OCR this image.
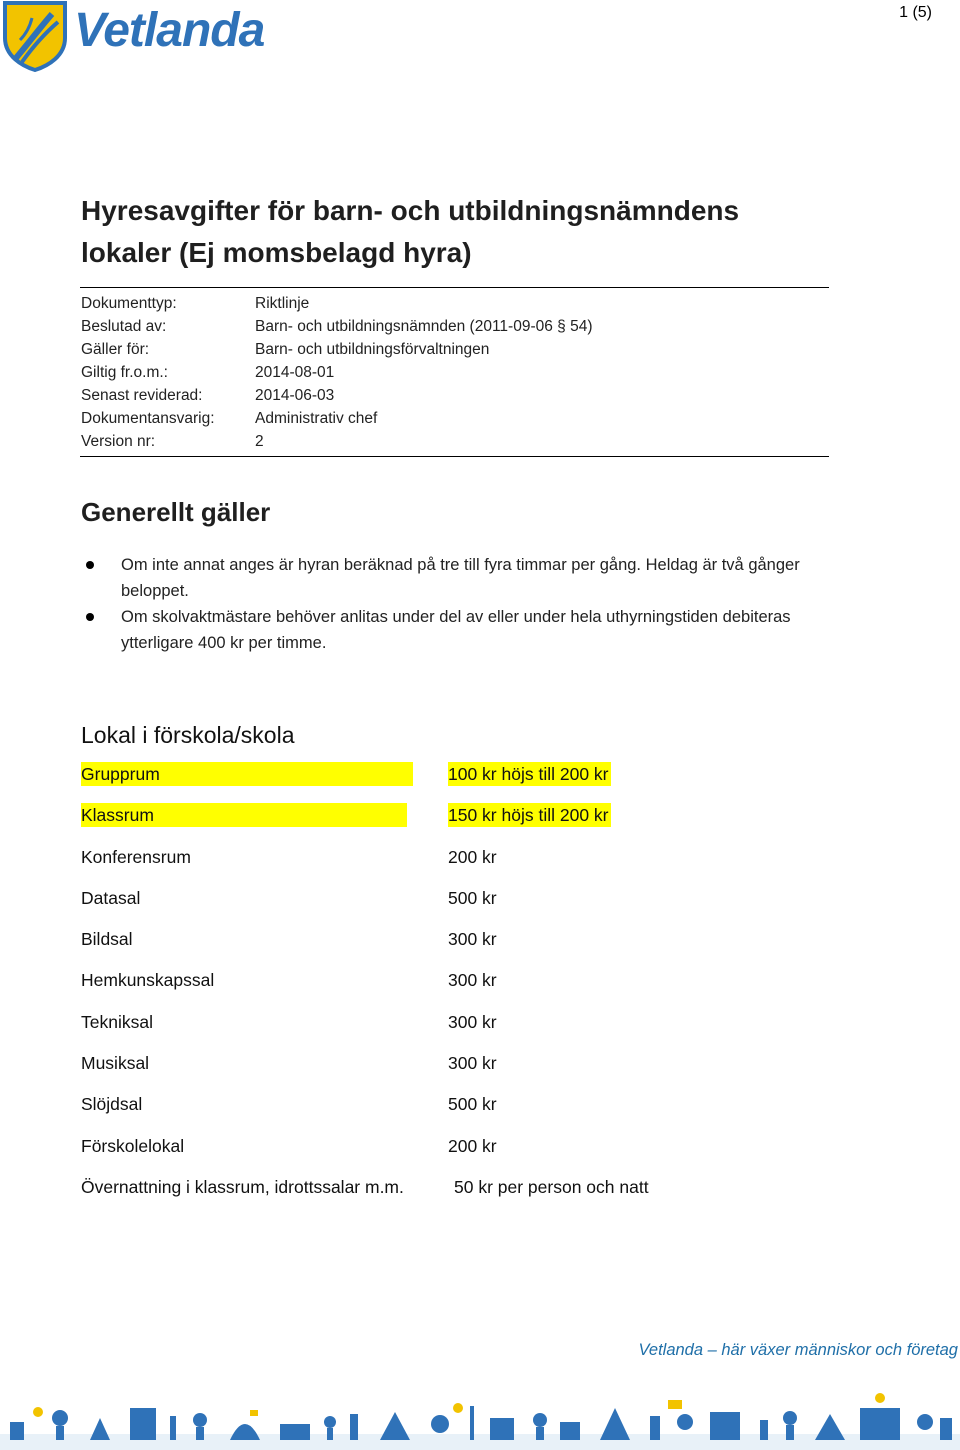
Vetlanda	1 (5)
Hyresavgifter för barn- och utbildningsnämndens
lokaler (Ej momsbelagd hyra)
Dokumenttyp:	Riktlinje
Beslutad av:	Barn- och utbildningsnämnden (2011-09-06 § 54)
Gäller för:	Barn- och utbildningsförvaltningen
Giltig fr.o.m.:	2014-08-01
Senast reviderad:	2014-06-03
Dokumentansvarig:	Administrativ chef
Version nr:	2
Generellt gäller
Om inte annat anges är hyran beräknad på tre till fyra timmar per gång. Heldag är två gånger beloppet.
Om skolvaktmästare behöver anlitas under del av eller under hela uthyrningstiden debiteras ytterligare 400 kr per timme.
Lokal i förskola/skola
Grupprum	100 kr höjs till 200 kr
Klassrum	150 kr höjs till 200 kr
Konferensrum	200 kr
Datasal	500 kr
Bildsal	300 kr
Hemkunskapssal	300 kr
Tekniksal	300 kr
Musiksal	300 kr
Slöjdsal	500 kr
Förskolelokal	200 kr
Övernattning i klassrum, idrottssalar m.m.	50 kr per person och natt
Vetlanda – här växer människor och företag
